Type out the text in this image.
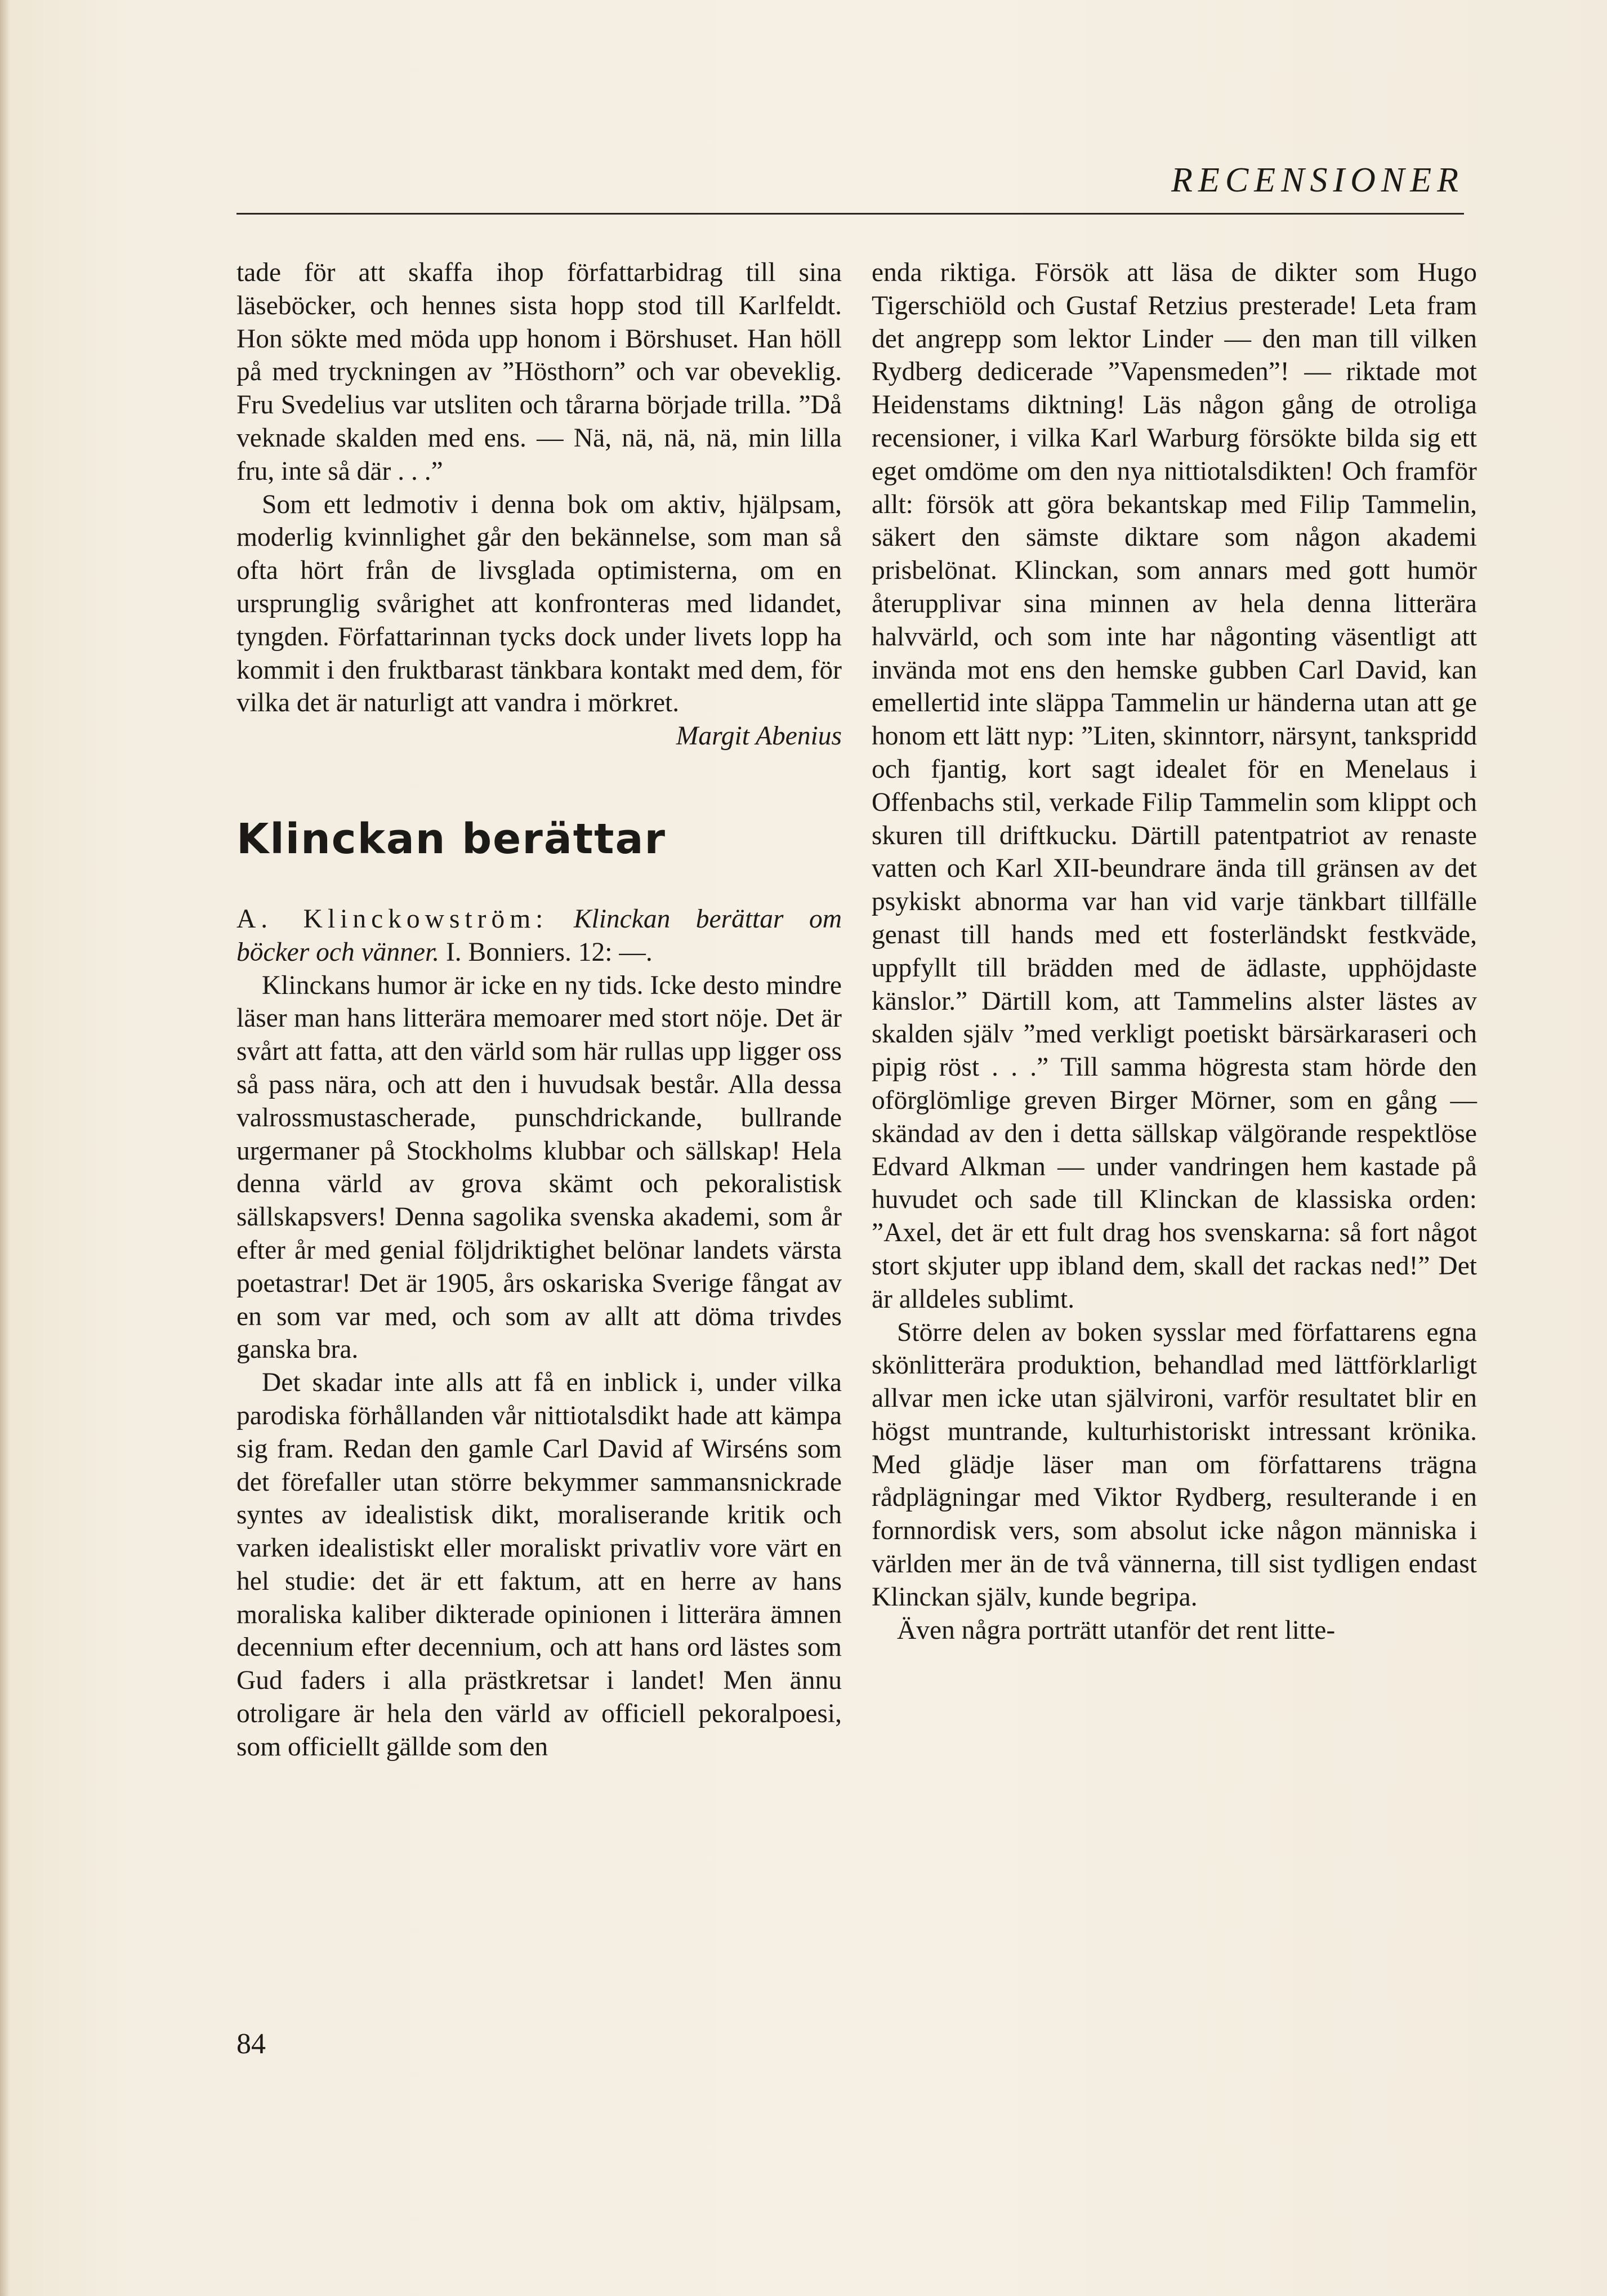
RECENSIONER

tade för att skaffa ihop författarbidrag till sina läseböcker, och hennes sista hopp stod till Karlfeldt. Hon sökte med möda upp honom i Börshuset. Han höll på med tryckningen av ”Hösthorn” och var obeveklig. Fru Svedelius var utsliten och tårarna började trilla. ”Då veknade skalden med ens. — Nä, nä, nä, nä, min lilla fru, inte så där . . .”

Som ett ledmotiv i denna bok om aktiv, hjälpsam, moderlig kvinnlighet går den bekännelse, som man så ofta hört från de livsglada optimisterna, om en ursprunglig svårighet att konfronteras med lidandet, tyngden. Författarinnan tycks dock under livets lopp ha kommit i den fruktbarast tänkbara kontakt med dem, för vilka det är naturligt att vandra i mörkret.

Margit Abenius

Klinckan berättar

A. Klinckowström: Klinckan berättar om böcker och vänner. I. Bonniers. 12: —.

Klinckans humor är icke en ny tids. Icke desto mindre läser man hans litterära memoarer med stort nöje. Det är svårt att fatta, att den värld som här rullas upp ligger oss så pass nära, och att den i huvudsak består. Alla dessa valrossmustascherade, punschdrickande, bullrande urgermaner på Stockholms klubbar och sällskap! Hela denna värld av grova skämt och pekoralistisk sällskapsvers! Denna sagolika svenska akademi, som år efter år med genial följdriktighet belönar landets värsta poetastrar! Det är 1905, års oskariska Sverige fångat av en som var med, och som av allt att döma trivdes ganska bra.

Det skadar inte alls att få en inblick i, under vilka parodiska förhållanden vår nittiotalsdikt hade att kämpa sig fram. Redan den gamle Carl David af Wirséns som det förefaller utan större bekymmer sammansnickrade syntes av idealistisk dikt, moraliserande kritik och varken idealistiskt eller moraliskt privatliv vore värt en hel studie: det är ett faktum, att en herre av hans moraliska kaliber dikterade opinionen i litterära ämnen decennium efter decennium, och att hans ord lästes som Gud faders i alla prästkretsar i landet! Men ännu otroligare är hela den värld av officiell pekoralpoesi, som officiellt gällde som den

enda riktiga. Försök att läsa de dikter som Hugo Tigerschiöld och Gustaf Retzius presterade! Leta fram det angrepp som lektor Linder — den man till vilken Rydberg dedicerade ”Vapensmeden”! — riktade mot Heidenstams diktning! Läs någon gång de otroliga recensioner, i vilka Karl Warburg försökte bilda sig ett eget omdöme om den nya nittiotalsdikten! Och framför allt: försök att göra bekantskap med Filip Tammelin, säkert den sämste diktare som någon akademi prisbelönat. Klinckan, som annars med gott humör återupplivar sina minnen av hela denna litterära halvvärld, och som inte har någonting väsentligt att invända mot ens den hemske gubben Carl David, kan emellertid inte släppa Tammelin ur händerna utan att ge honom ett lätt nyp: ”Liten, skinntorr, närsynt, tankspridd och fjantig, kort sagt idealet för en Menelaus i Offenbachs stil, verkade Filip Tammelin som klippt och skuren till driftkucku. Därtill patentpatriot av renaste vatten och Karl XII-beundrare ända till gränsen av det psykiskt abnorma var han vid varje tänkbart tillfälle genast till hands med ett fosterländskt festkväde, uppfyllt till brädden med de ädlaste, upphöjdaste känslor.” Därtill kom, att Tammelins alster lästes av skalden själv ”med verkligt poetiskt bärsärkaraseri och pipig röst . . .” Till samma högresta stam hörde den oförglömlige greven Birger Mörner, som en gång — skändad av den i detta sällskap välgörande respektlöse Edvard Alkman — under vandringen hem kastade på huvudet och sade till Klinckan de klassiska orden: ”Axel, det är ett fult drag hos svenskarna: så fort något stort skjuter upp ibland dem, skall det rackas ned!” Det är alldeles sublimt.

Större delen av boken sysslar med författarens egna skönlitterära produktion, behandlad med lättförklarligt allvar men icke utan självironi, varför resultatet blir en högst muntrande, kulturhistoriskt intressant krönika. Med glädje läser man om författarens trägna rådplägningar med Viktor Rydberg, resulterande i en fornnordisk vers, som absolut icke någon människa i världen mer än de två vännerna, till sist tydligen endast Klinckan själv, kunde begripa.

Även några porträtt utanför det rent litte-

84
